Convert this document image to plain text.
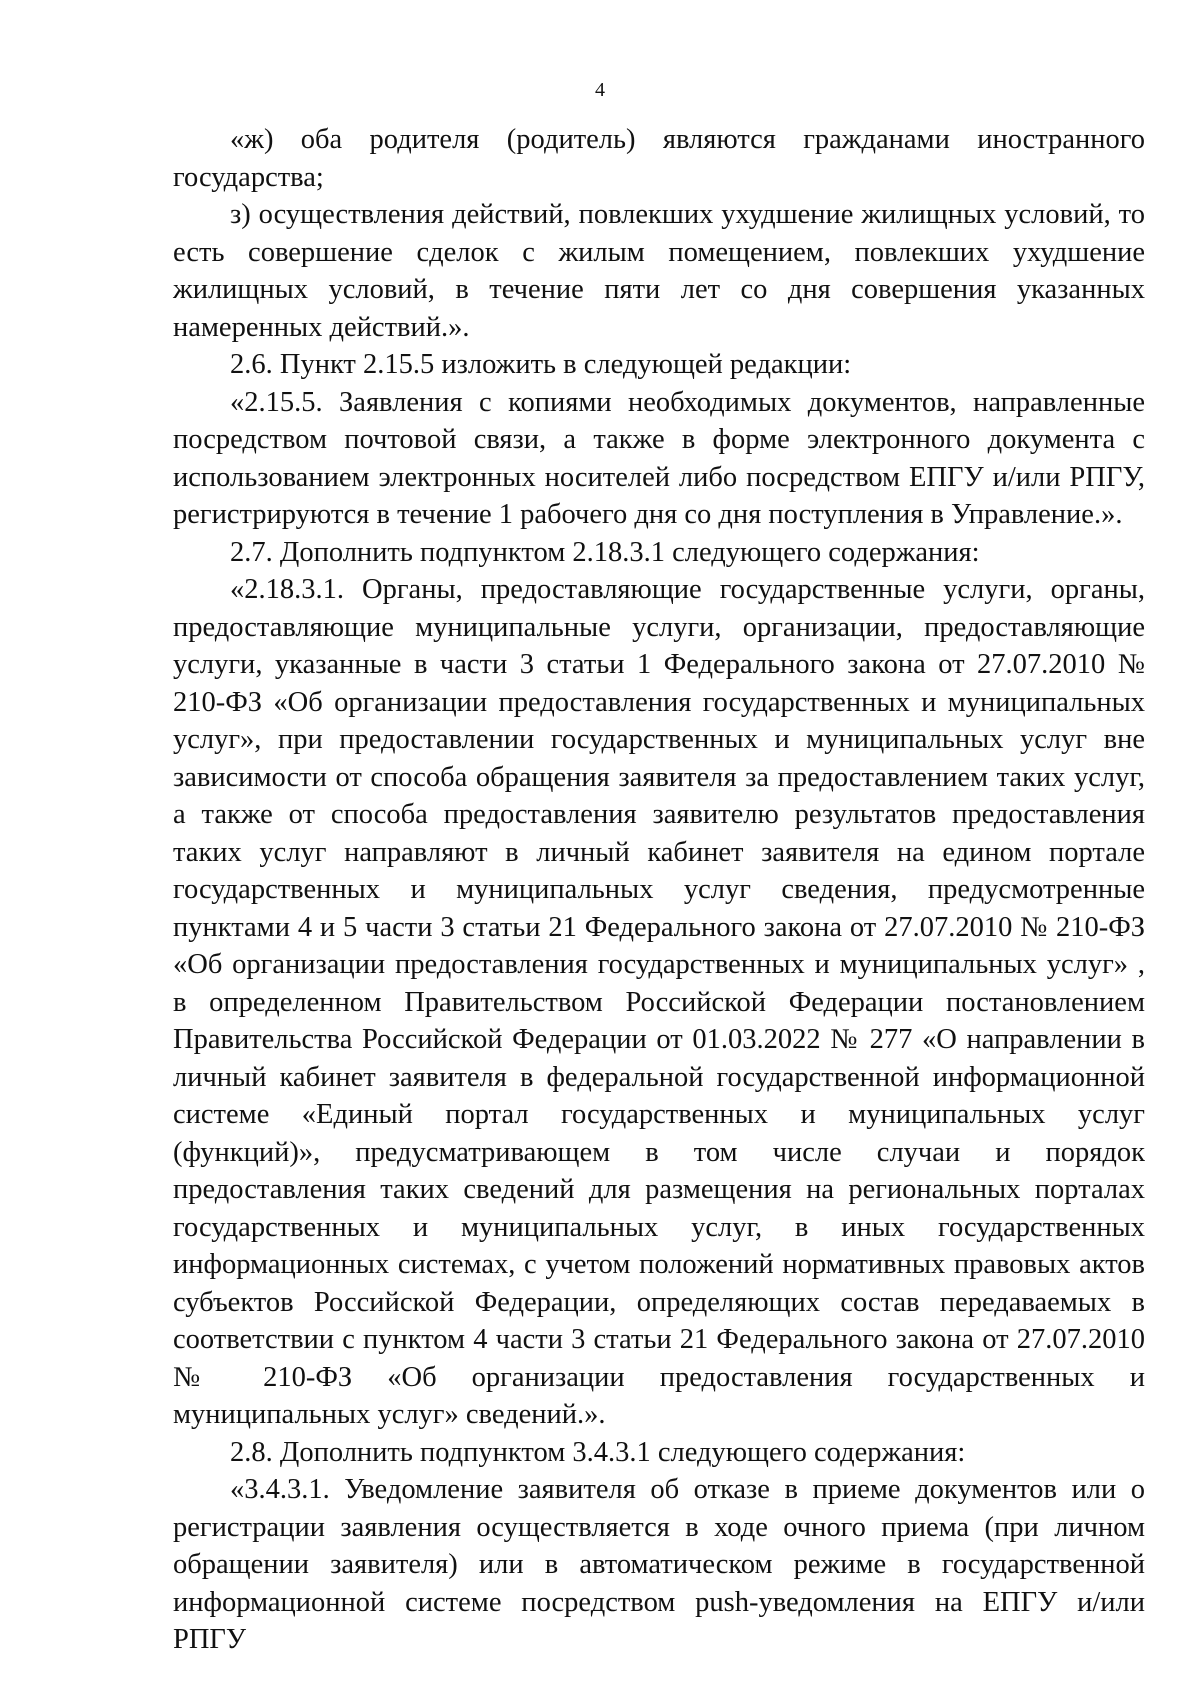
4

«ж) оба родителя (родитель) являются гражданами иностранного государства;

з) осуществления действий, повлекших ухудшение жилищных условий, то есть совершение сделок с жилым помещением, повлекших ухудшение жилищных условий, в течение пяти лет со дня совершения указанных намеренных действий.».

2.6. Пункт 2.15.5 изложить в следующей редакции:

«2.15.5. Заявления с копиями необходимых документов, направленные посредством почтовой связи, а также в форме электронного документа с использованием электронных носителей либо посредством ЕПГУ и/или РПГУ, регистрируются в течение 1 рабочего дня со дня поступления в Управление.».

2.7. Дополнить подпунктом 2.18.3.1 следующего содержания:

«2.18.3.1. Органы, предоставляющие государственные услуги, органы, предоставляющие муниципальные услуги, организации, предоставляющие услуги, указанные в части 3 статьи 1 Федерального закона от 27.07.2010 № 210-ФЗ «Об организации предоставления государственных и муниципальных услуг», при предоставлении государственных и муниципальных услуг вне зависимости от способа обращения заявителя за предоставлением таких услуг, а также от способа предоставления заявителю результатов предоставления таких услуг направляют в личный кабинет заявителя на едином портале государственных и муниципальных услуг сведения, предусмотренные пунктами 4 и 5 части 3 статьи 21 Федерального закона от 27.07.2010 № 210-ФЗ «Об организации предоставления государственных и муниципальных услуг» , в определенном Правительством Российской Федерации постановлением Правительства Российской Федерации от 01.03.2022 № 277 «О направлении в личный кабинет заявителя в федеральной государственной информационной системе «Единый портал государственных и муниципальных услуг (функций)», предусматривающем в том числе случаи и порядок предоставления таких сведений для размещения на региональных порталах государственных и муниципальных услуг, в иных государственных информационных системах, с учетом положений нормативных правовых актов субъектов Российской Федерации, определяющих состав передаваемых в соответствии с пунктом 4 части 3 статьи 21 Федерального закона от 27.07.2010 № 210-ФЗ «Об организации предоставления государственных и муниципальных услуг» сведений.».

2.8. Дополнить подпунктом 3.4.3.1 следующего содержания:

«3.4.3.1. Уведомление заявителя об отказе в приеме документов или о регистрации заявления осуществляется в ходе очного приема (при личном обращении заявителя) или в автоматическом режиме в государственной информационной системе посредством push-уведомления на ЕПГУ и/или РПГУ
